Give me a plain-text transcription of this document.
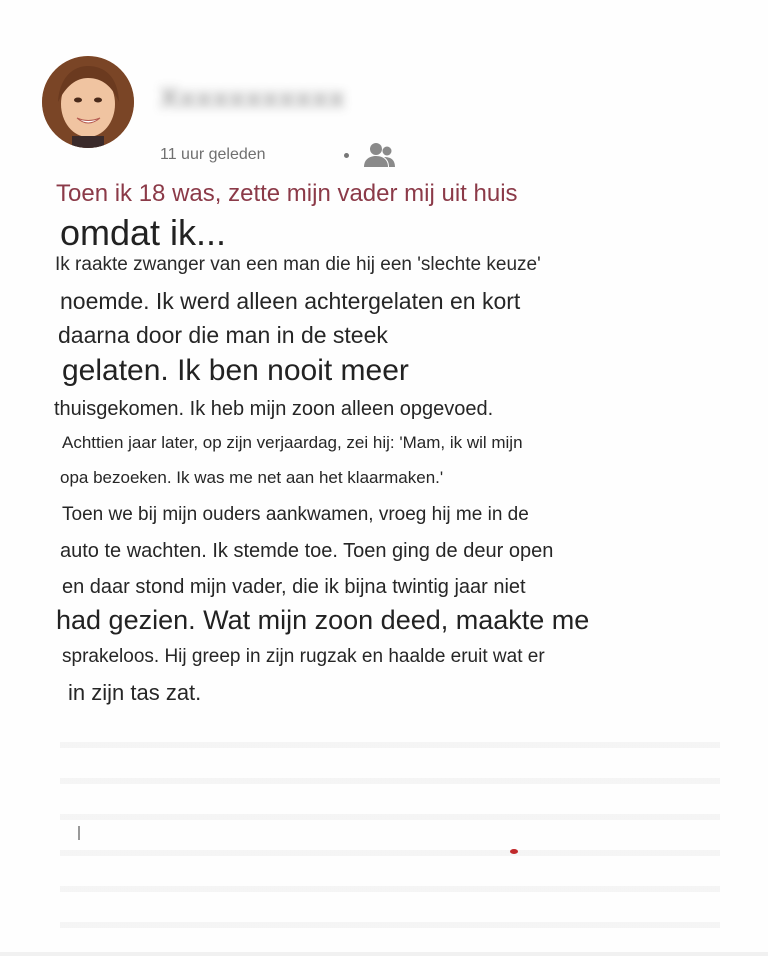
Xxxxxxxxxxx
11 uur geleden
Toen ik 18 was, zette mijn vader mij uit huis
omdat ik...
Ik raakte zwanger van een man die hij een 'slechte keuze'
noemde. Ik werd alleen achtergelaten en kort
daarna door die man in de steek
gelaten. Ik ben nooit meer
thuisgekomen. Ik heb mijn zoon alleen opgevoed.
Achttien jaar later, op zijn verjaardag, zei hij: 'Mam, ik wil mijn
opa bezoeken. Ik was me net aan het klaarmaken.'
Toen we bij mijn ouders aankwamen, vroeg hij me in de
auto te wachten. Ik stemde toe. Toen ging de deur open
en daar stond mijn vader, die ik bijna twintig jaar niet
had gezien. Wat mijn zoon deed, maakte me
sprakeloos. Hij greep in zijn rugzak en haalde eruit wat er
in zijn tas zat.
